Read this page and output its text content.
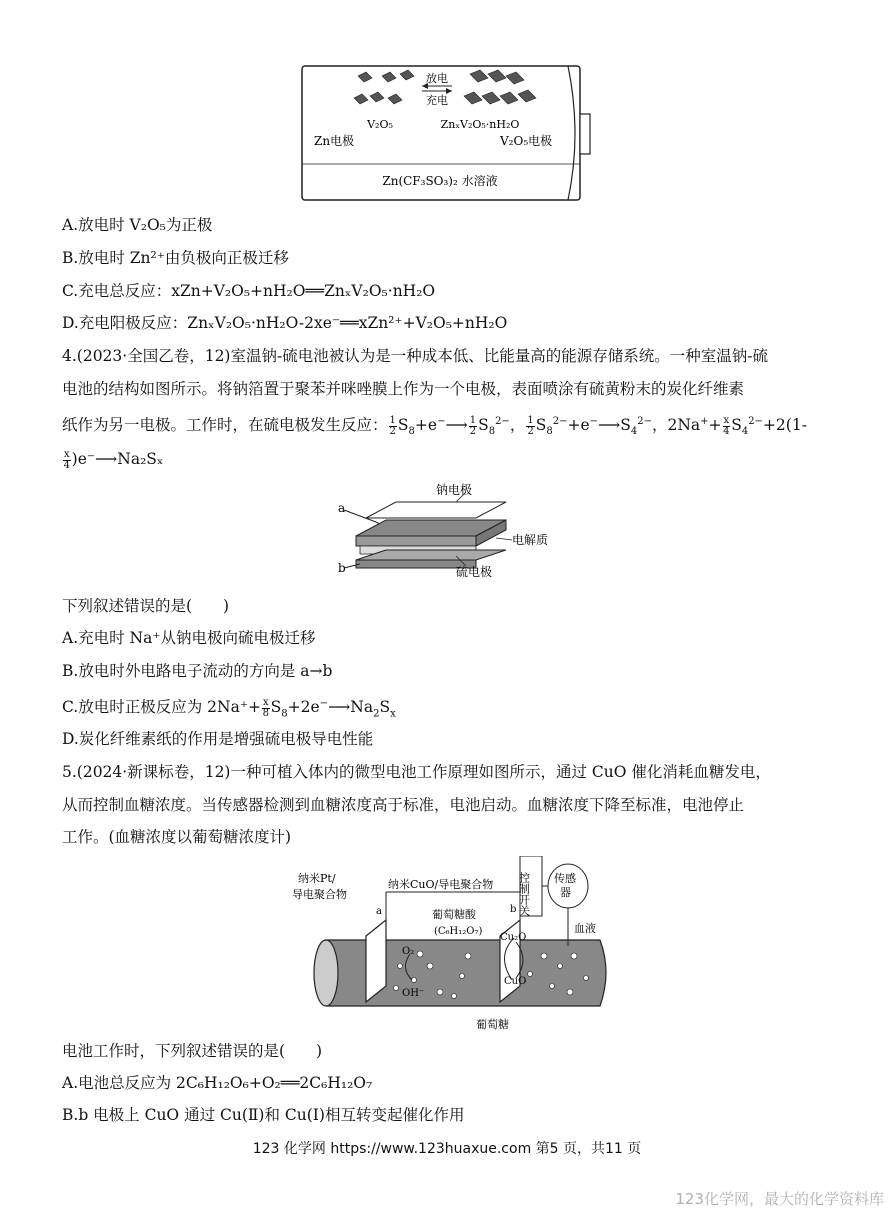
放电
充电
V₂O₅	ZnₓV₂O₅·nH₂O
Zn电极	V₂O₅电极
Zn(CF₃SO₃)₂ 水溶液
A.放电时 V₂O₅为正极
B.放电时 Zn²⁺由负极向正极迁移
C.充电总反应：xZn+V₂O₅+nH₂O══ZnₓV₂O₅·nH₂O
D.充电阳极反应：ZnₓV₂O₅·nH₂O-2xe⁻══xZn²⁺+V₂O₅+nH₂O
4.(2023·全国乙卷，12)室温钠-硫电池被认为是一种成本低、比能量高的能源存储系统。一种室温钠-硫
电池的结构如图所示。将钠箔置于聚苯并咪唑膜上作为一个电极，表面喷涂有硫黄粉末的炭化纤维素
纸作为另一电极。工作时，在硫电极发生反应： $\frac{1}{2}$ $S_8+e^-⟶ \frac{1}{2} S_8^{2-}$， $\frac{1}{2}$ $S_8^{2-}+e^-⟶S_4^{2-}$，$2Na^++ \frac{x}{4} S_4^{2-}+2(1-$
$\frac{x}{4}$ )e⁻⟶Na₂Sₓ
钠电极
电解质
硫电极
a
b
下列叙述错误的是(　　)
A.充电时 Na⁺从钠电极向硫电极迁移
B.放电时外电路电子流动的方向是 a→b
C.放电时正极反应为 $2Na^++ \frac{x}{8}$ $S_8+2e^-⟶Na_2S_x$
D.炭化纤维素纸的作用是增强硫电极导电性能
5.(2024·新课标卷，12)一种可植入体内的微型电池工作原理如图所示，通过 CuO 催化消耗血糖发电，
从而控制血糖浓度。当传感器检测到血糖浓度高于标准，电池启动。血糖浓度下降至标准，电池停止
工作。(血糖浓度以葡萄糖浓度计)
纳米Pt/
导电聚合物
a
纳米CuO/导电聚合物 控制开关 传感
器
b
葡萄糖酸
(C₆H₁₂O₇)	血液
O₂
OH⁻
Cu₂O
CuO
葡萄糖
电池工作时，下列叙述错误的是(　　)
A.电池总反应为 2C₆H₁₂O₆+O₂══2C₆H₁₂O₇
B.b 电极上 CuO 通过 Cu(Ⅱ)和 Cu(Ⅰ)相互转变起催化作用
123 化学网 https://www.123huaxue.com 第5 页，共11 页
123化学网，最大的化学资料库
